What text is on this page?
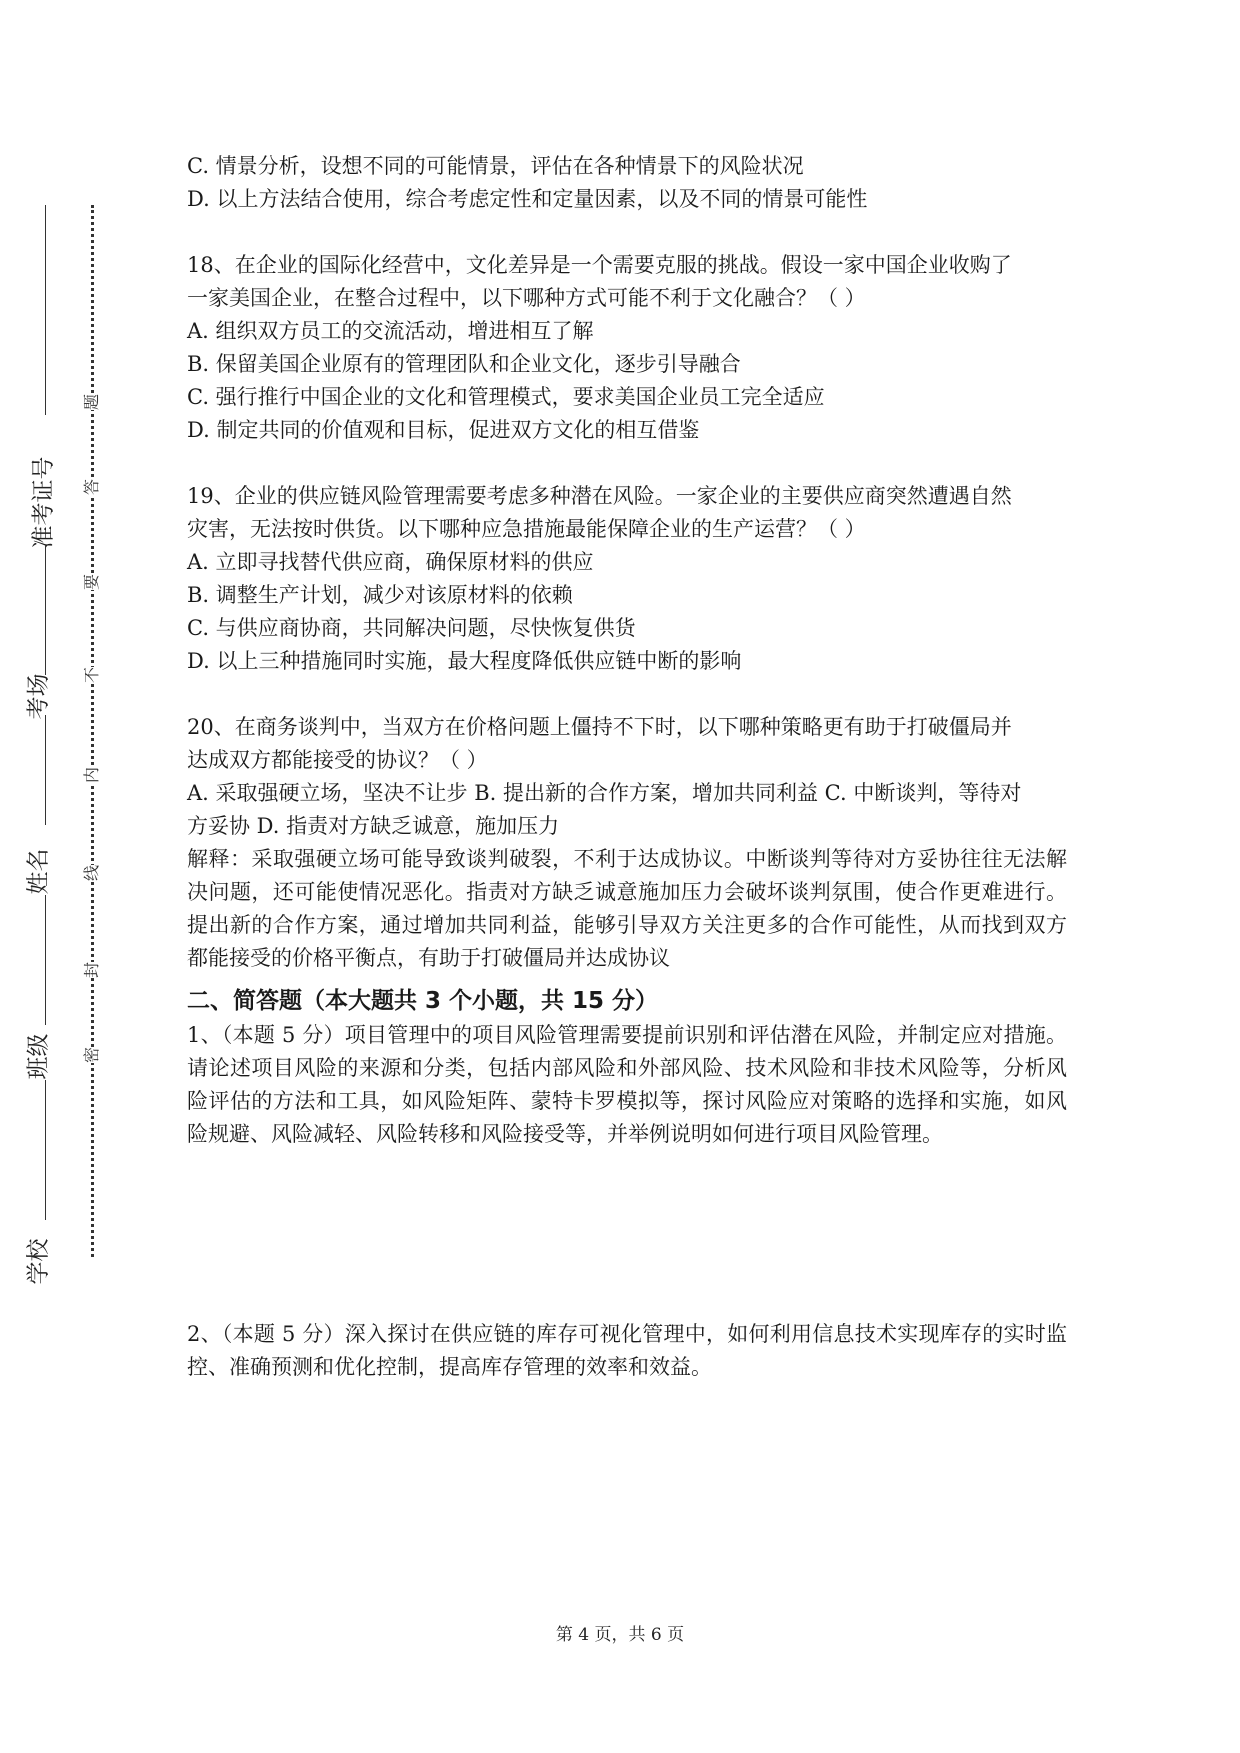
准考证号
考场
姓名
班级
学校
题
答
要
不
内
线
封
密
C. 情景分析，设想不同的可能情景，评估在各种情景下的风险状况
D. 以上方法结合使用，综合考虑定性和定量因素，以及不同的情景可能性
18、在企业的国际化经营中，文化差异是一个需要克服的挑战。假设一家中国企业收购了
一家美国企业，在整合过程中，以下哪种方式可能不利于文化融合？（ ）
A. 组织双方员工的交流活动，增进相互了解
B. 保留美国企业原有的管理团队和企业文化，逐步引导融合
C. 强行推行中国企业的文化和管理模式，要求美国企业员工完全适应
D. 制定共同的价值观和目标，促进双方文化的相互借鉴
19、企业的供应链风险管理需要考虑多种潜在风险。一家企业的主要供应商突然遭遇自然
灾害，无法按时供货。以下哪种应急措施最能保障企业的生产运营？（ ）
A. 立即寻找替代供应商，确保原材料的供应
B. 调整生产计划，减少对该原材料的依赖
C. 与供应商协商，共同解决问题，尽快恢复供货
D. 以上三种措施同时实施，最大程度降低供应链中断的影响
20、在商务谈判中，当双方在价格问题上僵持不下时，以下哪种策略更有助于打破僵局并
达成双方都能接受的协议？（ ）
A. 采取强硬立场，坚决不让步 B. 提出新的合作方案，增加共同利益 C. 中断谈判，等待对
方妥协 D. 指责对方缺乏诚意，施加压力
解释：采取强硬立场可能导致谈判破裂，不利于达成协议。中断谈判等待对方妥协往往无法解决问题，还可能使情况恶化。指责对方缺乏诚意施加压力会破坏谈判氛围，使合作更难进行。提出新的合作方案，通过增加共同利益，能够引导双方关注更多的合作可能性，从而找到双方都能接受的价格平衡点，有助于打破僵局并达成协议
二、简答题（本大题共 3 个小题，共 15 分）
1、（本题 5 分）项目管理中的项目风险管理需要提前识别和评估潜在风险，并制定应对措施。请论述项目风险的来源和分类，包括内部风险和外部风险、技术风险和非技术风险等，分析风险评估的方法和工具，如风险矩阵、蒙特卡罗模拟等，探讨风险应对策略的选择和实施，如风险规避、风险减轻、风险转移和风险接受等，并举例说明如何进行项目风险管理。
2、（本题 5 分）深入探讨在供应链的库存可视化管理中，如何利用信息技术实现库存的实时监控、准确预测和优化控制，提高库存管理的效率和效益。
第 4 页，共 6 页
